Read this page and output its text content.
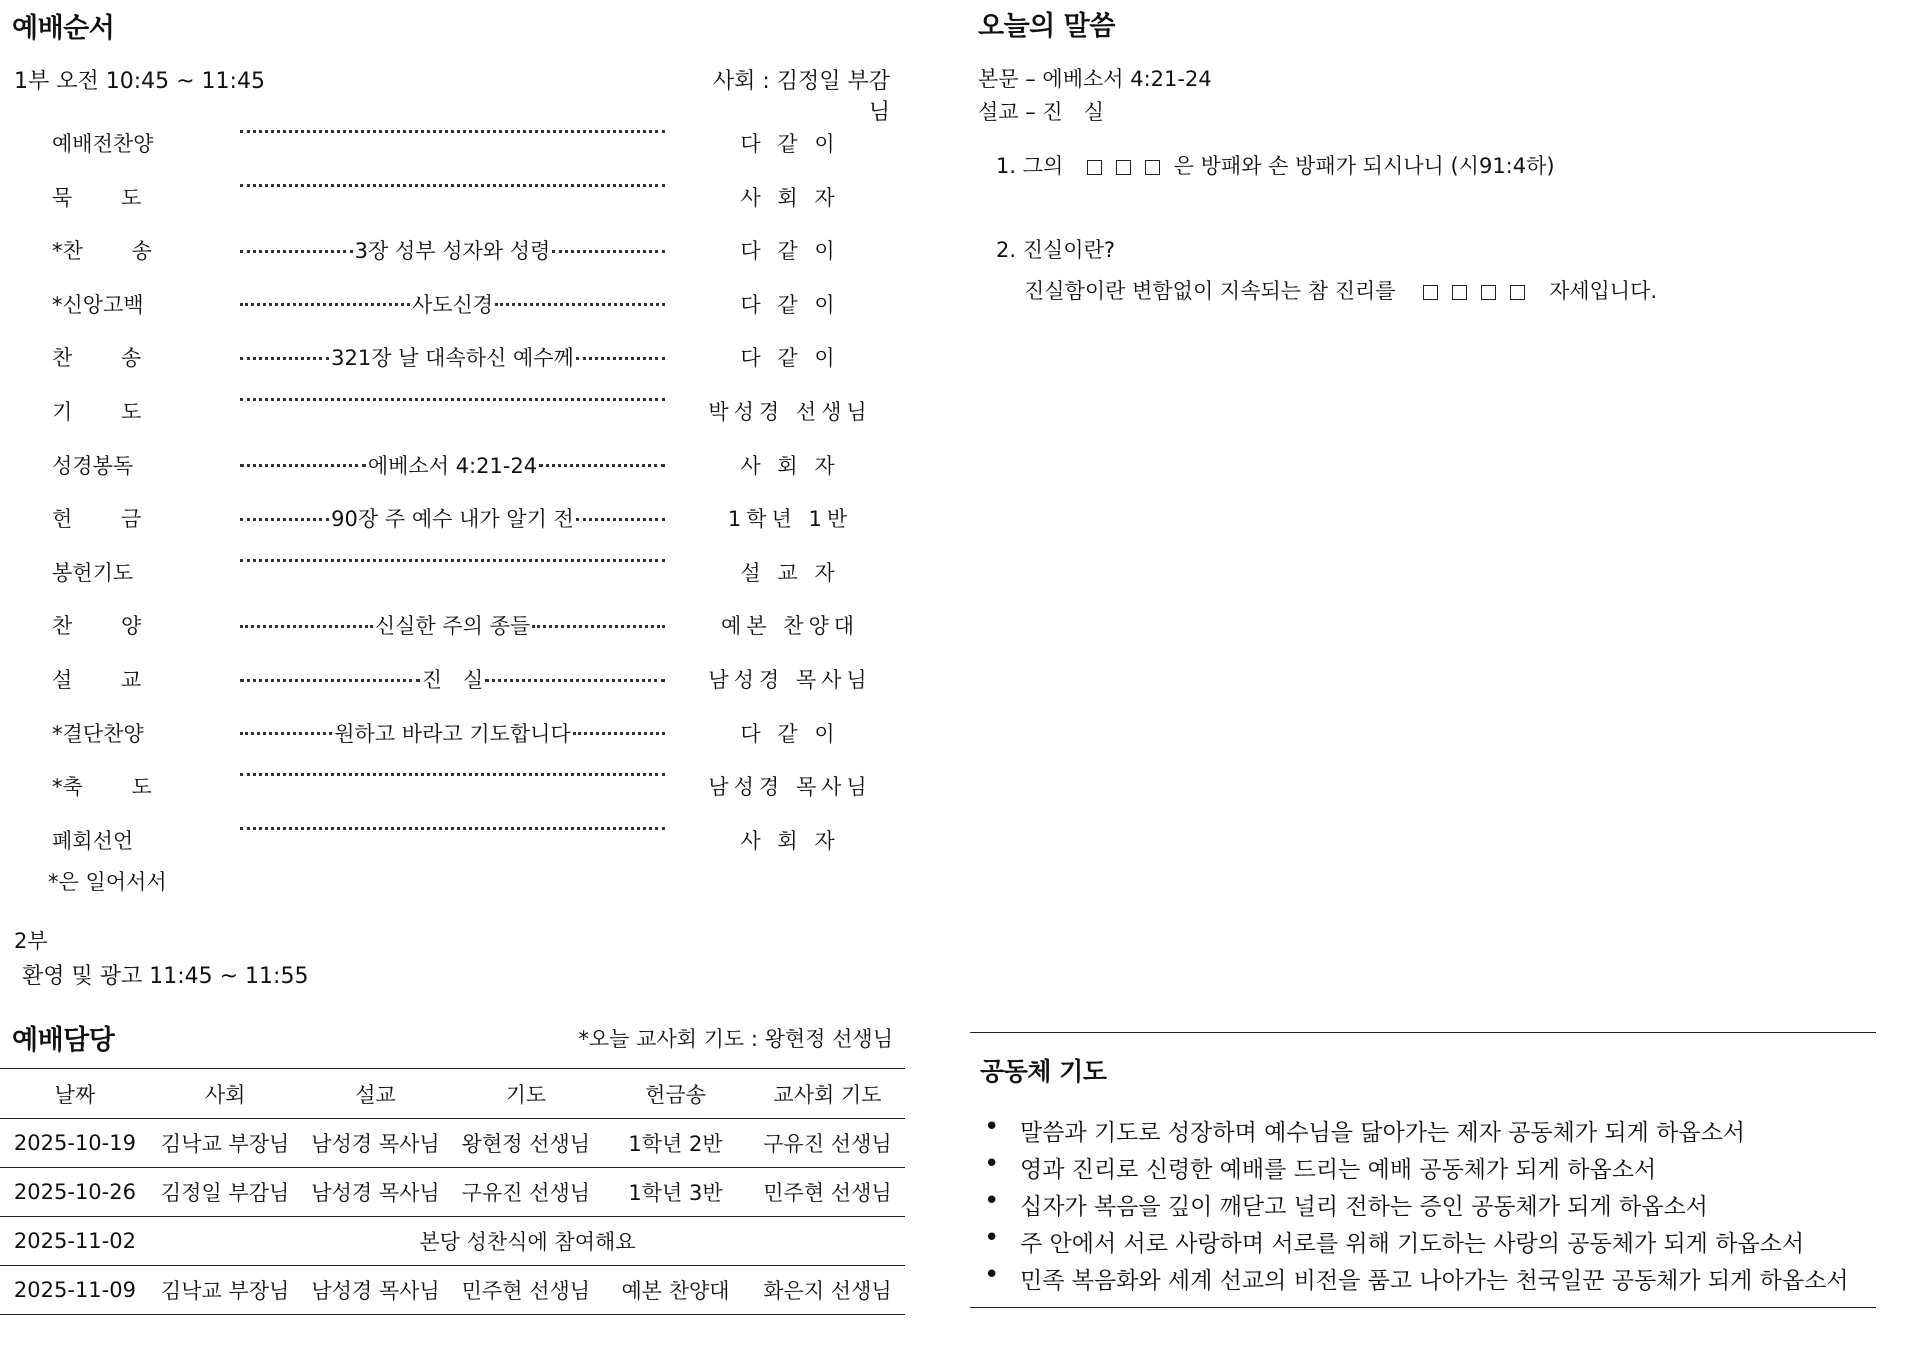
예배순서
1부 오전 10:45 ~ 11:45	사회 : 김정일 부감님
예배전찬양	다 같 이
묵　　 도	사 회 자
*찬　　 송	3장 성부 성자와 성령	다 같 이
*신앙고백	사도신경	다 같 이
찬　　 송	321장 날 대속하신 예수께	다 같 이
기　　 도	박성경 선생님
성경봉독	에베소서 4:21-24	사 회 자
헌　　 금	90장 주 예수 내가 알기 전	1학년 1반
봉헌기도	설 교 자
찬　　 양	신실한 주의 종들	예본 찬양대
설　　 교	진　실	남성경 목사님
*결단찬양	원하고 바라고 기도합니다	다 같 이
*축　　 도	남성경 목사님
폐회선언	사 회 자
*은 일어서서
2부
환영 및 광고 11:45 ~ 11:55
예배담당	*오늘 교사회 기도 : 왕현정 선생님
날짜	사회	설교	기도	헌금송	교사회 기도
2025-10-19	김낙교 부장님	남성경 목사님	왕현정 선생님	1학년 2반	구유진 선생님
2025-10-26	김정일 부감님	남성경 목사님	구유진 선생님	1학년 3반	민주현 선생님
2025-11-02	본당 성찬식에 참여해요				
2025-11-09	김낙교 부장님	남성경 목사님	민주현 선생님	예본 찬양대	화은지 선생님
오늘의 말씀
본문 – 에베소서 4:21-24
설교 – 진　실
1. 그의	은 방패와 손 방패가 되시나니 (시91:4하)
2. 진실이란?
진실함이란 변함없이 지속되는 참 진리를	자세입니다.
공동체 기도
• 말씀과 기도로 성장하며 예수님을 닮아가는 제자 공동체가 되게 하옵소서
• 영과 진리로 신령한 예배를 드리는 예배 공동체가 되게 하옵소서
• 십자가 복음을 깊이 깨닫고 널리 전하는 증인 공동체가 되게 하옵소서
• 주 안에서 서로 사랑하며 서로를 위해 기도하는 사랑의 공동체가 되게 하옵소서
• 민족 복음화와 세계 선교의 비전을 품고 나아가는 천국일꾼 공동체가 되게 하옵소서
